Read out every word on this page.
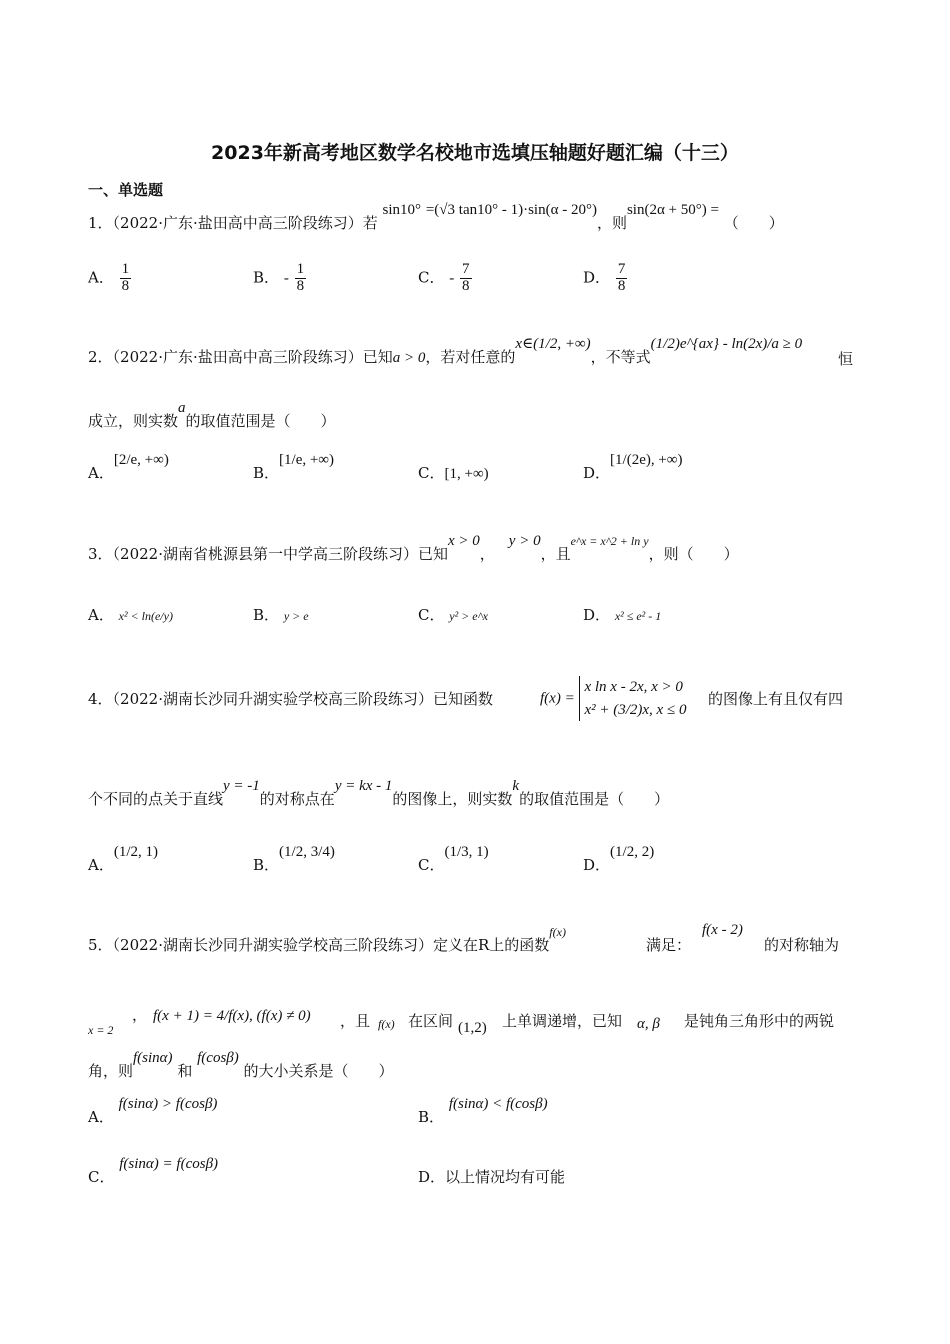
2023年新高考地区数学名校地市选填压轴题好题汇编（十三）
一、单选题
1．（2022·广东·盐田高中高三阶段练习）若 sin10° =(√3 tan10° - 1)·sin(α - 20°)，则sin(2α + 50°) = （　　）
A． $\frac{1}{8}$	B． - $\frac{1}{8}$	C． - $\frac{7}{8}$	D． $\frac{7}{8}$
2．（2022·广东·盐田高中高三阶段练习）已知a > 0，若对任意的x∈(1/2, +∞)，不等式(1/2)e^{ax} - ln(2x)/a ≥ 0
恒
成立，则实数a的取值范围是（　　）
A．[2/e, +∞)
B．[1/e, +∞)
C．[1, +∞)	D．[1/(2e), +∞)
3．（2022·湖南省桃源县第一中学高三阶段练习）已知x > 0，y > 0，且$^{e\^{}x = x\^{}2 + ln y}$，则（　　）
A． x² < ln(e/y)	B． y > e	C． y² > e^x	D． x² ≤ e² - 1
4．（2022·湖南长沙同升湖实验学校高三阶段练习）已知函数	f(x) =
x ln x - 2x, x > 0
x² + (3/2)x, x ≤ 0
的图像上有且仅有四
个不同的点关于直线y = -1的对称点在y = kx - 1的图像上，则实数k的取值范围是（　　）
A．(1/2, 1)
B．(1/2, 3/4)
C．(1/3, 1)
D．(1/2, 2)
5．（2022·湖南长沙同升湖实验学校高三阶段练习）定义在R上的函数$^{f(x)}$
满足：
f(x - 2)
的对称轴为
x = 2
， f(x + 1) = 4/f(x), (f(x) ≠ 0) ，且 f(x) 在区间 (1,2) 上单调递增，已知 α, β 是钝角三角形中的两锐
角，则f(sinα) 和 f(cosβ) 的大小关系是（　　）
A． f(sinα) > f(cosβ)
B． f(sinα) < f(cosβ)
C． f(sinα) = f(cosβ)
D．以上情况均有可能
